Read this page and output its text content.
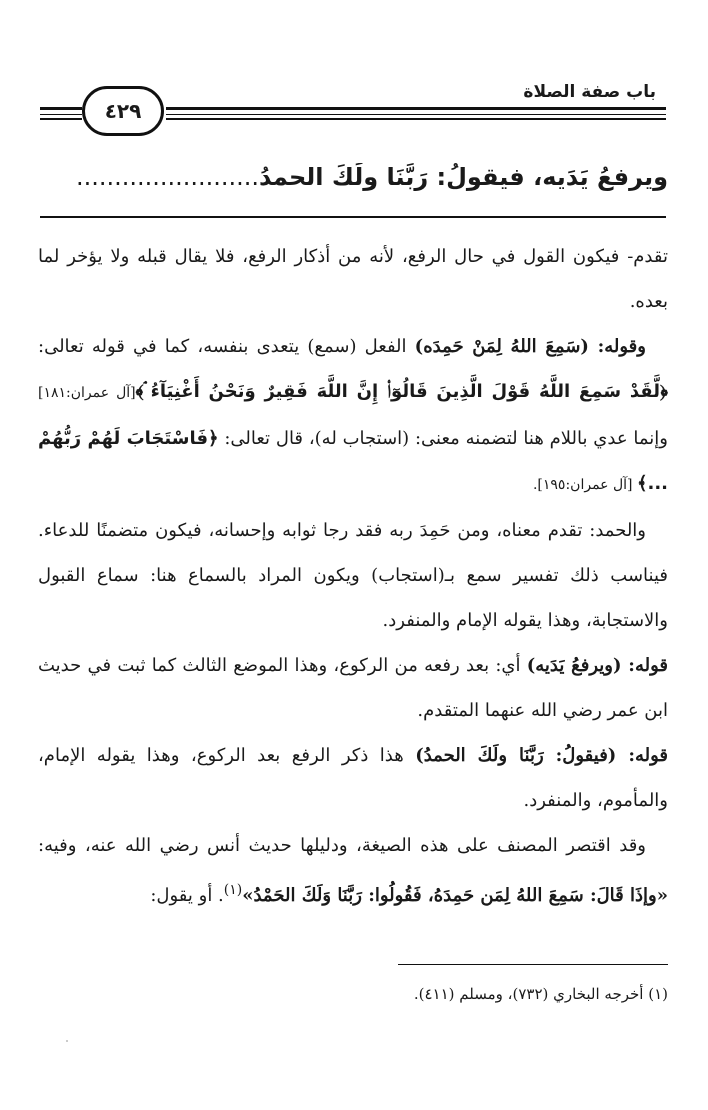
باب صفة الصلاة
٤٢٩
ويرفعُ يَدَيه، فيقولُ: رَبَّنَا ولَكَ الحمدُ........................

تقدم- فيكون القول في حال الرفع، لأنه من أذكار الرفع، فلا يقال قبله ولا يؤخر لما بعده.

وقوله: (سَمِعَ اللهُ لِمَنْ حَمِدَه) الفعل (سمع) يتعدى بنفسه، كما في قوله تعالى: ﴿لَّقَدْ سَمِعَ اللَّهُ قَوْلَ الَّذِينَ قَالُوٓا۟ إِنَّ اللَّهَ فَقِيرٌ وَنَحْنُ أَغْنِيَآءُ ۘ﴾[آل عمران:١٨١] وإنما عدي باللام هنا لتضمنه معنى: (استجاب له)، قال تعالى: ﴿فَاسْتَجَابَ لَهُمْ رَبُّهُمْ ...﴾ [آل عمران:١٩٥].

والحمد: تقدم معناه، ومن حَمِدَ ربه فقد رجا ثوابه وإحسانه، فيكون متضمنًا للدعاء. فيناسب ذلك تفسير سمع بـ(استجاب) ويكون المراد بالسماع هنا: سماع القبول والاستجابة، وهذا يقوله الإمام والمنفرد.

قوله: (ويرفعُ يَدَيه) أي: بعد رفعه من الركوع، وهذا الموضع الثالث كما ثبت في حديث ابن عمر رضي الله عنهما المتقدم.

قوله: (فيقولُ: رَبَّنَا ولَكَ الحمدُ) هذا ذكر الرفع بعد الركوع، وهذا يقوله الإمام، والمأموم، والمنفرد.

وقد اقتصر المصنف على هذه الصيغة، ودليلها حديث أنس رضي الله عنه، وفيه: «وإذَا قَالَ: سَمِعَ اللهُ لِمَن حَمِدَهُ، فَقُولُوا: رَبَّنَا وَلَكَ الحَمْدُ»$^{(١)}$. أو يقول:

(١) أخرجه البخاري (٧٣٢)، ومسلم (٤١١).
